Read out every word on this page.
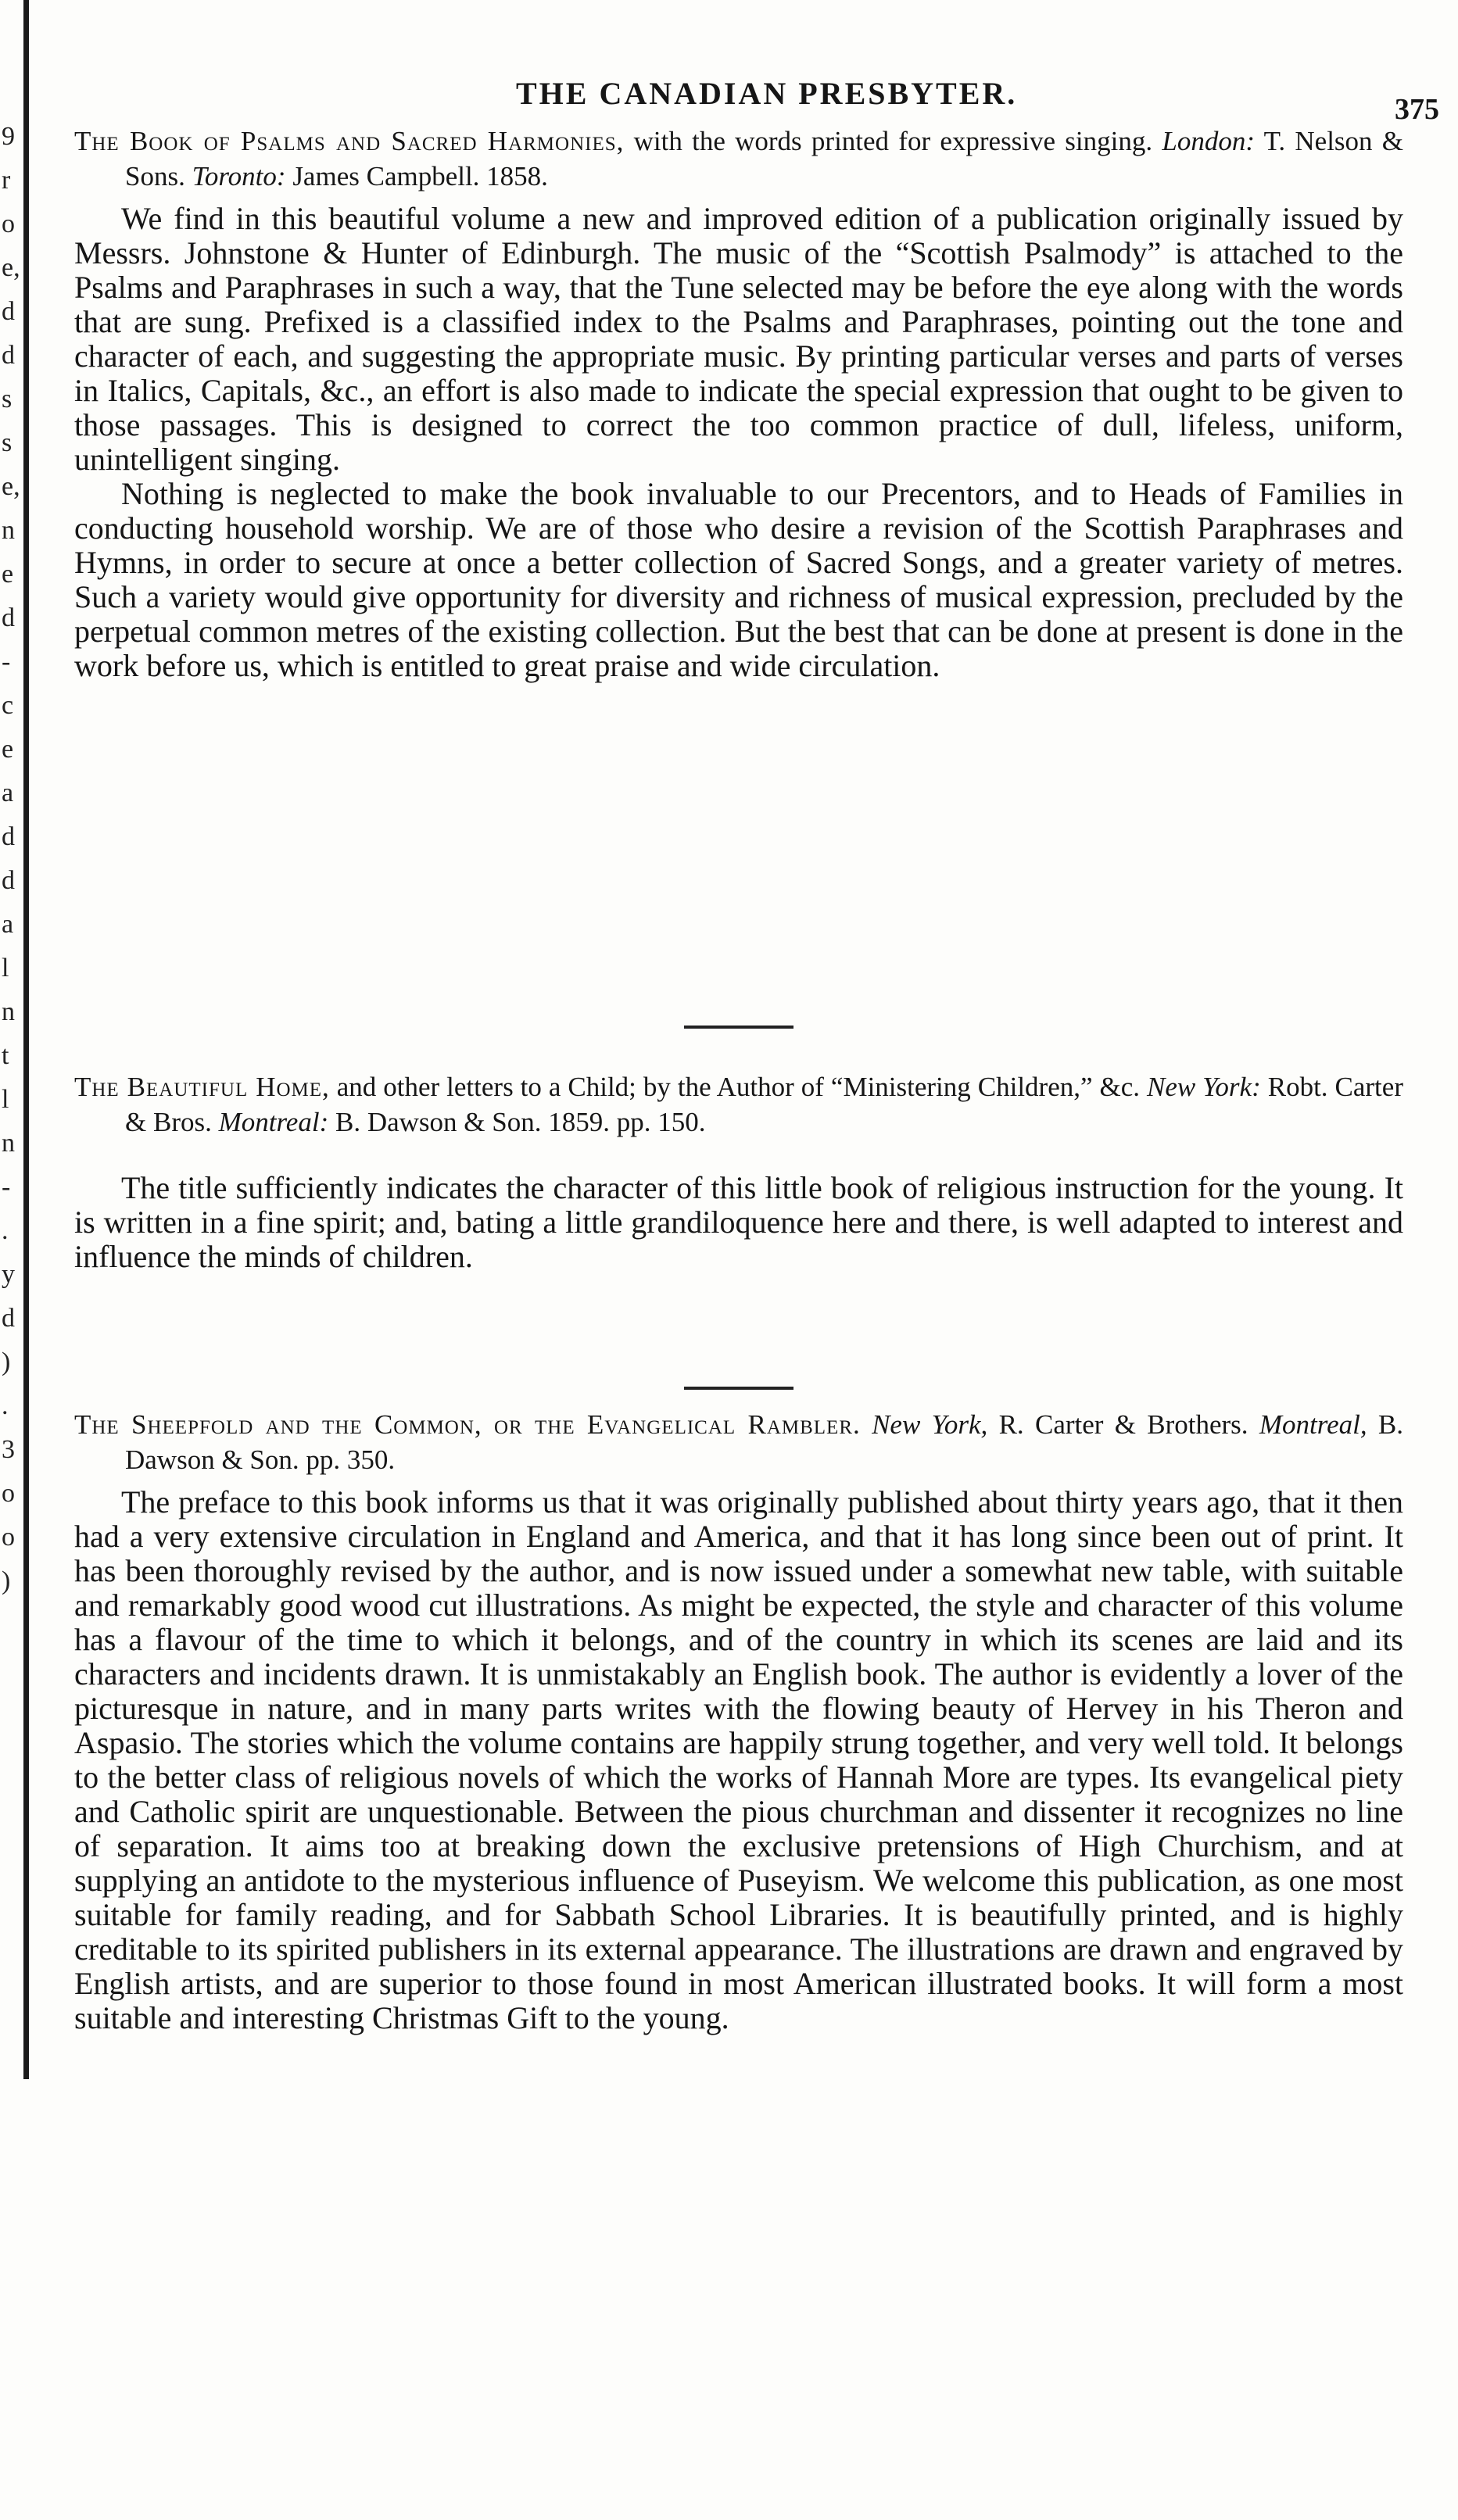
9
r
o
e,
d
d
s
s
e,
n
e
d
-
c
e
a
d
d
a
l
n
t
l
n
-
.
y
d
)
.
3
o
o
)
THE CANADIAN PRESBYTER.	375

The Book of Psalms and Sacred Harmonies, with the words printed for expressive singing. London: T. Nelson & Sons. Toronto: James Campbell. 1858.

We find in this beautiful volume a new and improved edition of a publication originally issued by Messrs. Johnstone & Hunter of Edinburgh. The music of the “Scottish Psalmody” is attached to the Psalms and Paraphrases in such a way, that the Tune selected may be before the eye along with the words that are sung. Prefixed is a classified index to the Psalms and Paraphrases, pointing out the tone and character of each, and suggesting the appropriate music. By printing particular verses and parts of verses in Italics, Capitals, &c., an effort is also made to indicate the special expression that ought to be given to those passages. This is designed to correct the too common practice of dull, lifeless, uniform, unintelligent singing.

Nothing is neglected to make the book invaluable to our Precentors, and to Heads of Families in conducting household worship. We are of those who desire a revision of the Scottish Paraphrases and Hymns, in order to secure at once a better collection of Sacred Songs, and a greater variety of metres. Such a variety would give opportunity for diversity and richness of musical expression, precluded by the perpetual common metres of the existing collection. But the best that can be done at present is done in the work before us, which is entitled to great praise and wide circulation.

The Beautiful Home, and other letters to a Child; by the Author of “Ministering Children,” &c. New York: Robt. Carter & Bros. Montreal: B. Dawson & Son. 1859. pp. 150.

The title sufficiently indicates the character of this little book of religious instruction for the young. It is written in a fine spirit; and, bating a little grandiloquence here and there, is well adapted to interest and influence the minds of children.

The Sheepfold and the Common, or the Evangelical Rambler. New York, R. Carter & Brothers. Montreal, B. Dawson & Son. pp. 350.

The preface to this book informs us that it was originally published about thirty years ago, that it then had a very extensive circulation in England and America, and that it has long since been out of print. It has been thoroughly revised by the author, and is now issued under a somewhat new table, with suitable and remarkably good wood cut illustrations. As might be expected, the style and character of this volume has a flavour of the time to which it belongs, and of the country in which its scenes are laid and its characters and incidents drawn. It is unmistakably an English book. The author is evidently a lover of the picturesque in nature, and in many parts writes with the flowing beauty of Hervey in his Theron and Aspasio. The stories which the volume contains are happily strung together, and very well told. It belongs to the better class of religious novels of which the works of Hannah More are types. Its evangelical piety and Catholic spirit are unquestionable. Between the pious churchman and dissenter it recognizes no line of separation. It aims too at breaking down the exclusive pretensions of High Churchism, and at supplying an antidote to the mysterious influence of Puseyism. We welcome this publication, as one most suitable for family reading, and for Sabbath School Libraries. It is beautifully printed, and is highly creditable to its spirited publishers in its external appearance. The illustrations are drawn and engraved by English artists, and are superior to those found in most American illustrated books. It will form a most suitable and interesting Christmas Gift to the young.
